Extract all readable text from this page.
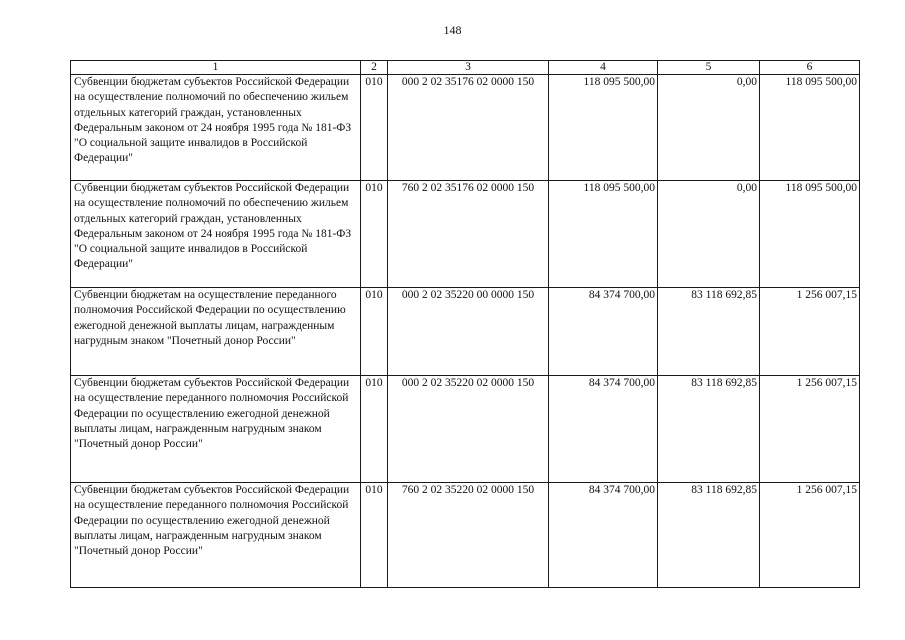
148
1	2	3	4	5	6
Субвенции бюджетам субъектов Российской Федерации на осуществление полномочий по обеспечению жильем отдельных категорий граждан, установленных Федеральным законом от 24 ноября 1995 года № 181-ФЗ "О социальной защите инвалидов в Российской Федерации"	010	000 2 02 35176 02 0000 150	118 095 500,00	0,00	118 095 500,00
Субвенции бюджетам субъектов Российской Федерации на осуществление полномочий по обеспечению жильем отдельных категорий граждан, установленных Федеральным законом от 24 ноября 1995 года № 181-ФЗ "О социальной защите инвалидов в Российской Федерации"	010	760 2 02 35176 02 0000 150	118 095 500,00	0,00	118 095 500,00
Субвенции бюджетам на осуществление переданного полномочия Российской Федерации по осуществлению ежегодной денежной выплаты лицам, награжденным нагрудным знаком "Почетный донор России"	010	000 2 02 35220 00 0000 150	84 374 700,00	83 118 692,85	1 256 007,15
Субвенции бюджетам субъектов Российской Федерации на осуществление переданного полномочия Российской Федерации по осуществлению ежегодной денежной выплаты лицам, награжденным нагрудным знаком "Почетный донор России"	010	000 2 02 35220 02 0000 150	84 374 700,00	83 118 692,85	1 256 007,15
Субвенции бюджетам субъектов Российской Федерации на осуществление переданного полномочия Российской Федерации по осуществлению ежегодной денежной выплаты лицам, награжденным нагрудным знаком "Почетный донор России"	010	760 2 02 35220 02 0000 150	84 374 700,00	83 118 692,85	1 256 007,15
